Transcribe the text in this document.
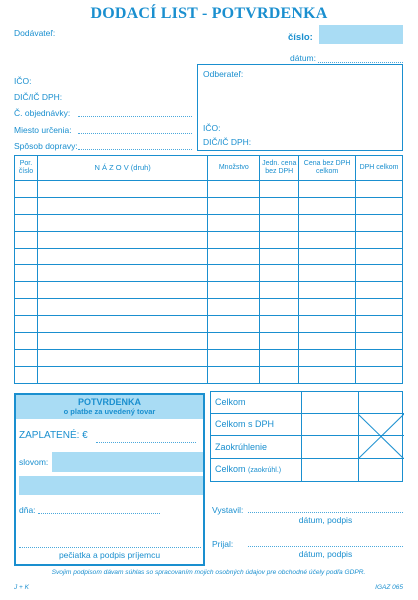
DODACÍ LIST - POTVRDENKA
Dodávateľ:	číslo:
dátum:
IČO:
DIČ/IČ DPH:
Č. objednávky:
Miesto určenia:
Spôsob dopravy:
Odberateľ:
IČO:
DIČ/IČ DPH:
Por. číslo	N Á Z O V (druh)	Množstvo	Jedn. cena bez DPH	Cena bez DPH celkom	DPH celkom

POTVRDENKA
o platbe za uvedený tovar
ZAPLATENÉ: €
slovom:
dňa:
pečiatka a podpis príjemcu
Celkom
Celkom s DPH
Zaokrúhlenie
Celkom (zaokrúhl.)
Vystavil:
dátum, podpis
Prijal:
dátum, podpis
Svojim podpisom dávam súhlas so spracovaním mojich osobných údajov pre obchodné účely podľa GDPR.
J + K	IGAZ 065
